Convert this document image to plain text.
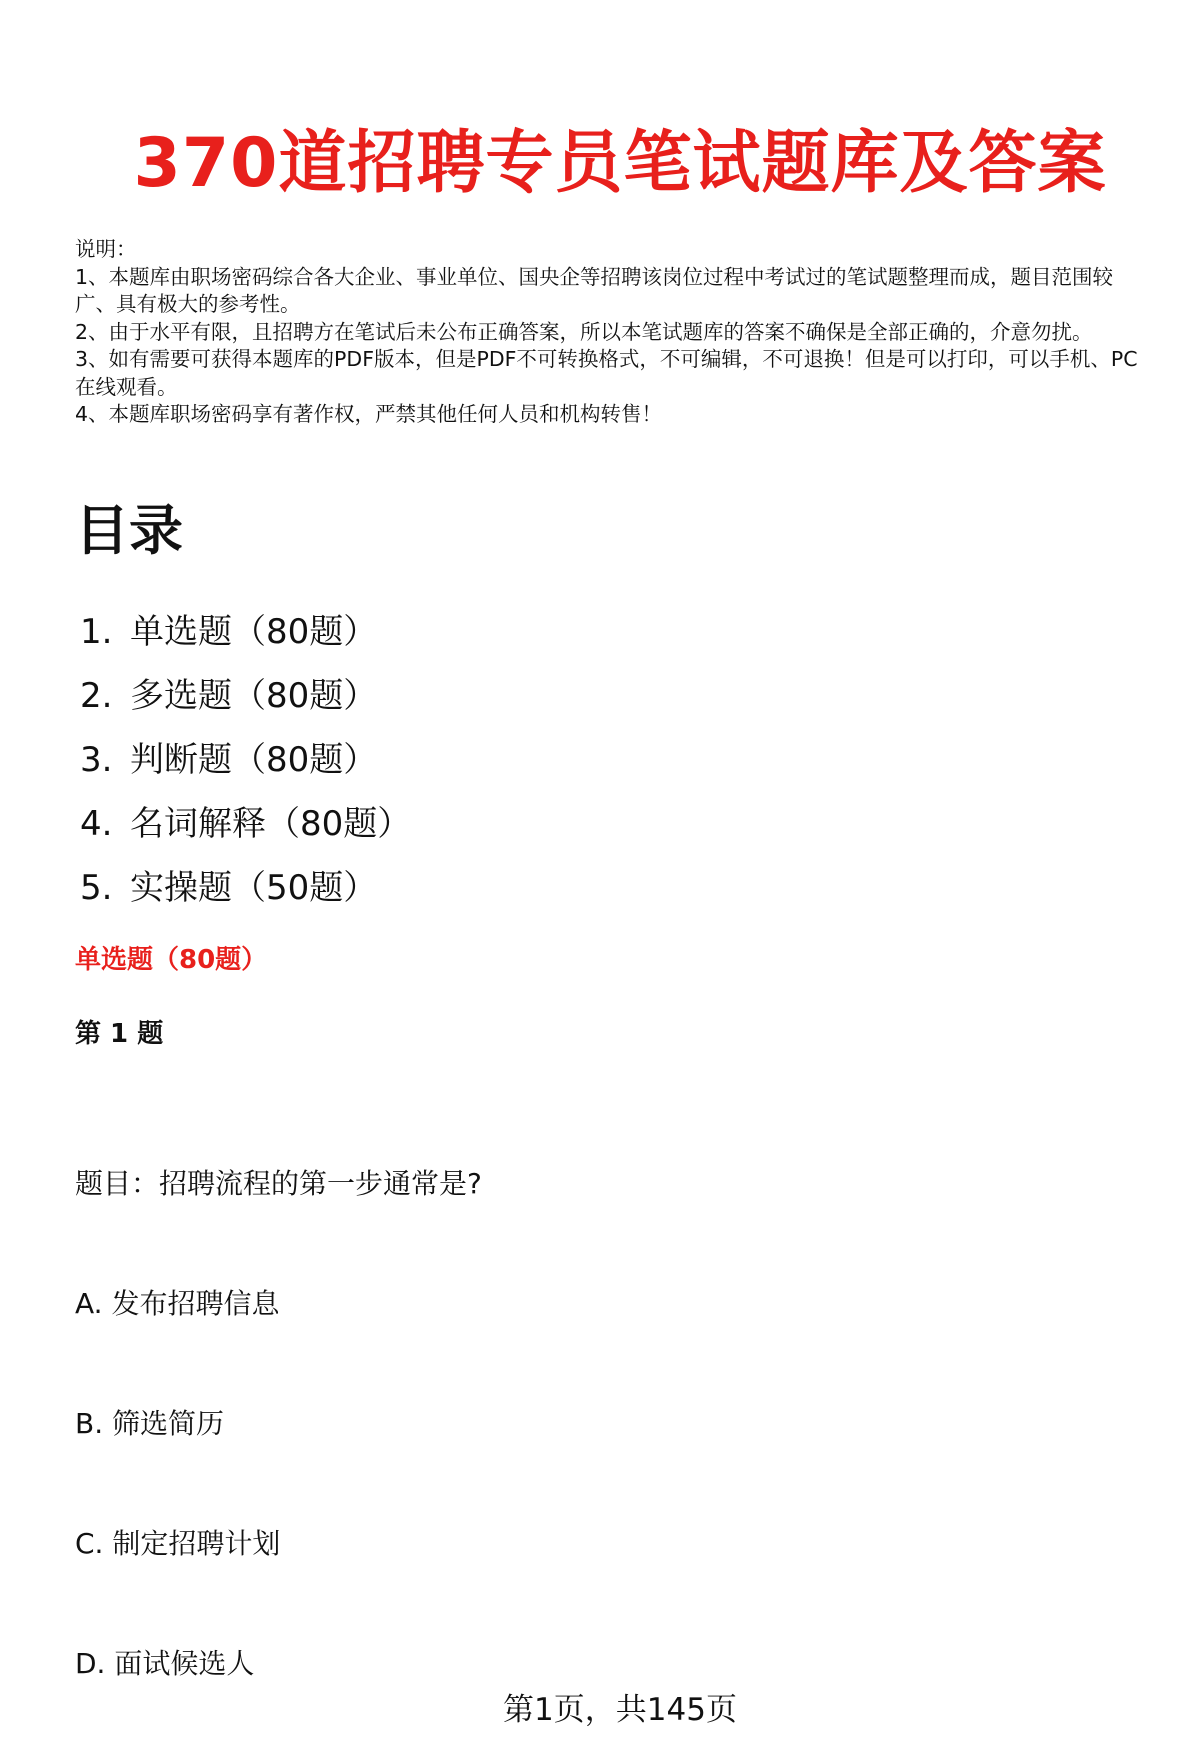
370道招聘专员笔试题库及答案

说明：

1、本题库由职场密码综合各大企业、事业单位、国央企等招聘该岗位过程中考试过的笔试题整理而成，题目范围较广、具有极大的参考性。

2、由于水平有限，且招聘方在笔试后未公布正确答案，所以本笔试题库的答案不确保是全部正确的，介意勿扰。

3、如有需要可获得本题库的PDF版本，但是PDF不可转换格式，不可编辑，不可退换！但是可以打印，可以手机、PC在线观看。

4、本题库职场密码享有著作权，严禁其他任何人员和机构转售！

目录
1. 单选题（80题）
2. 多选题（80题）
3. 判断题（80题）
4. 名词解释（80题）
5. 实操题（50题）
单选题（80题）
第 1 题
题目：招聘流程的第一步通常是?
A. 发布招聘信息
B. 筛选简历
C. 制定招聘计划
D. 面试候选人
第1页，共145页
